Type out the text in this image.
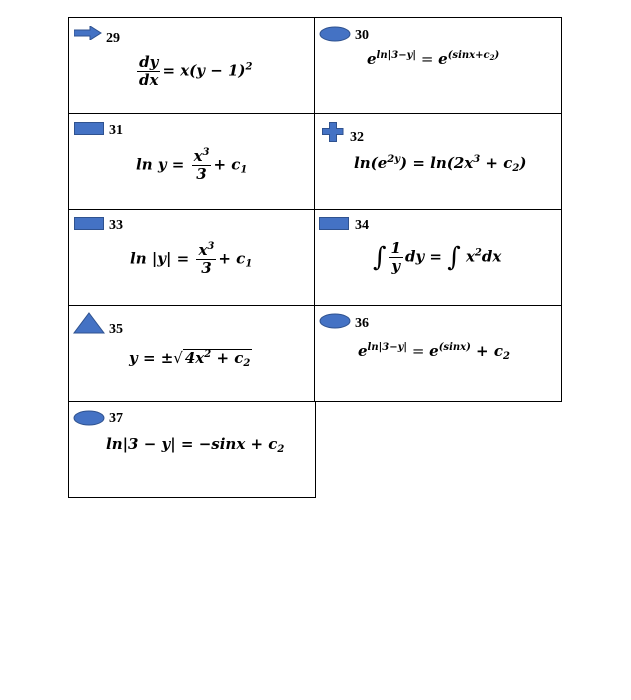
29
$\frac{dy}{dx} = x(y - 1)^2$
30
$e^{ln|3-y|} = e^{(sinx+c_2)}$
31
$\ln y = \frac{x^3}{3} + c_1$
32
$\ln(e^{2y}) = \ln(2x^3 + c_2)$
33
$\ln |y| = \frac{x^3}{3} + c_1$
34
∫ $\frac{1}{y}$ dy = ∫ $x^2dx$
35
y = ±√ $4x^2 + c_2$
36
$e^{ln|3-y|} = e^{(sinx)} + c_2$
37
$\ln|3 - y| = -\sin x + c_2$
